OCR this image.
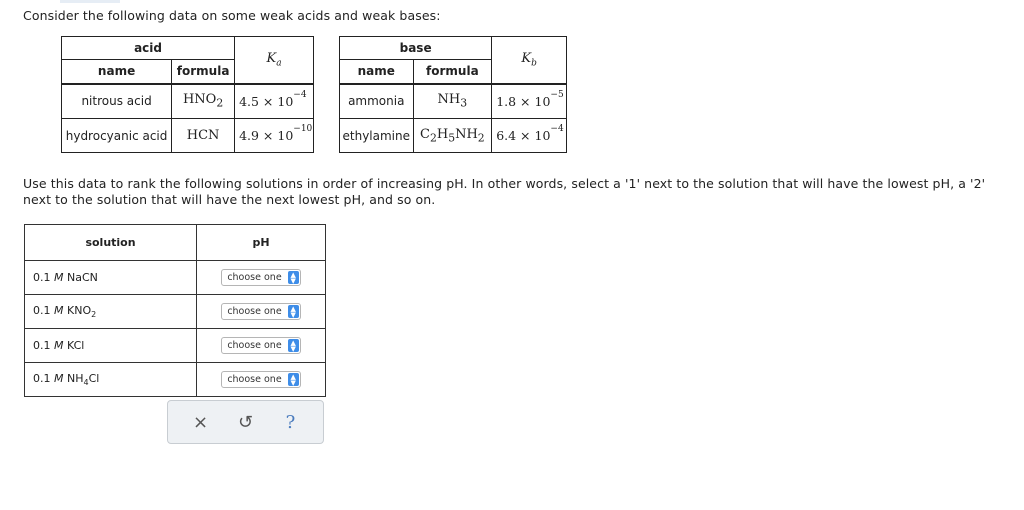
Consider the following data on some weak acids and weak bases:
acid		$K_a$
name	formula	
nitrous acid	$HNO_2$	$4.5 \times 10^{-4}$
hydrocyanic acid	HCN	$4.9 \times 10^{-10}$
base		$K_b$
name	formula	
ammonia	$NH_3$	$1.8 \times 10^{-5}$
ethylamine	$C_2H_5NH_2$	$6.4 \times 10^{-4}$
Use this data to rank the following solutions in order of increasing pH. In other words, select a '1' next to the solution that will have the lowest pH, a '2' next to the solution that will have the next lowest pH, and so on.
solution	pH
0.1 M NaCN	choose one ▲
▼

0.1 M $KNO_2$	choose one ▲
▼

0.1 M KCl	choose one ▲
▼

0.1 M $NH_4Cl$	choose one ▲
▼
×	↺	?
